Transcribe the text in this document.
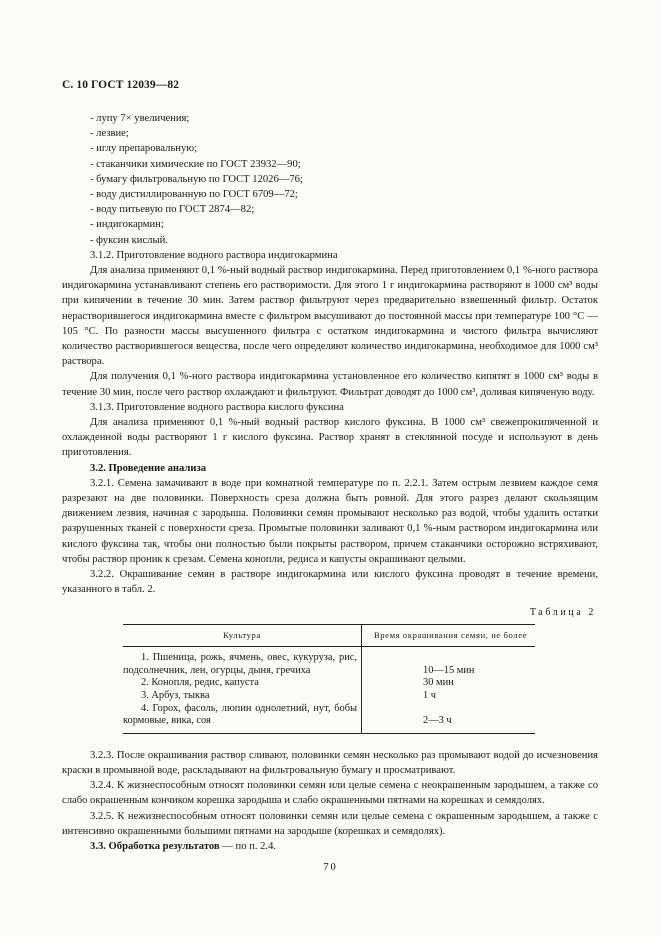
С. 10 ГОСТ 12039—82
- лупу 7× увеличения;
- лезвие;
- иглу препаровальную;
- стаканчики химические по ГОСТ 23932—90;
- бумагу фильтровальную по ГОСТ 12026—76;
- воду дистиллированную по ГОСТ 6709—72;
- воду питьевую по ГОСТ 2874—82;
- индигокармин;
- фуксин кислый.
3.1.2. Приготовление водного раствора индигокармина
Для анализа применяют 0,1 %-ный водный раствор индигокармина. Перед приготовлением 0,1 %-ного раствора индигокармина устанавливают степень его растворимости. Для этого 1 г индигокармина растворяют в 1000 см³ воды при кипячении в течение 30 мин. Затем раствор фильтруют через предварительно взвешенный фильтр. Остаток нерастворившегося индигокармина вместе с фильтром высушивают до постоянной массы при температуре 100 °С — 105 °С. По разности массы высушенного фильтра с остатком индигокармина и чистого фильтра вычисляют количество растворившегося вещества, после чего определяют количество индигокармина, необходимое для 1000 см³ раствора.
Для получения 0,1 %-ного раствора индигокармина установленное его количество кипятят в 1000 см³ воды в течение 30 мин, после чего раствор охлаждают и фильтруют. Фильтрат доводят до 1000 см³, доливая кипяченую воду.
3.1.3. Приготовление водного раствора кислого фуксина
Для анализа применяют 0,1 %-ный водный раствор кислого фуксина. В 1000 см³ свежепрокипяченной и охлажденной воды растворяют 1 г кислого фуксина. Раствор хранят в стеклянной посуде и используют в день приготовления.
3.2. Проведение анализа
3.2.1. Семена замачивают в воде при комнатной температуре по п. 2.2.1. Затем острым лезвием каждое семя разрезают на две половинки. Поверхность среза должна быть ровной. Для этого разрез делают скользящим движением лезвия, начиная с зародыша. Половинки семян промывают несколько раз водой, чтобы удалить остатки разрушенных тканей с поверхности среза. Промытые половинки заливают 0,1 %-ным раствором индигокармина или кислого фуксина так, чтобы они полностью были покрыты раствором, причем стаканчики осторожно встряхивают, чтобы раствор проник к срезам. Семена конопли, редиса и капусты окрашивают целыми.
3.2.2. Окрашивание семян в растворе индигокармина или кислого фуксина проводят в течение времени, указанного в табл. 2.
Таблица 2
Культура	Время окрашивания семян, не более
1. Пшеница, рожь, ячмень, овес, кукуруза, рис, подсолнечник, лен, огурцы, дыня, гречиха	10—15 мин
2. Конопля, редис, капуста	30 мин
3. Арбуз, тыква	1 ч
4. Горох, фасоль, люпин однолетний, нут, бобы кормовые, вика, соя	2—3 ч
3.2.3. После окрашивания раствор сливают, половинки семян несколько раз промывают водой до исчезновения краски в промывной воде, раскладывают на фильтровальную бумагу и просматривают.
3.2.4. К жизнеспособным относят половинки семян или целые семена с неокрашенным зародышем, а также со слабо окрашенным кончиком корешка зародыша и слабо окрашенными пятнами на корешках и семядолях.
3.2.5. К нежизнеспособным относят половинки семян или целые семена с окрашенным зародышем, а также с интенсивно окрашенными большими пятнами на зародыше (корешках и семядолях).
3.3. Обработка результатов — по п. 2.4.
70
